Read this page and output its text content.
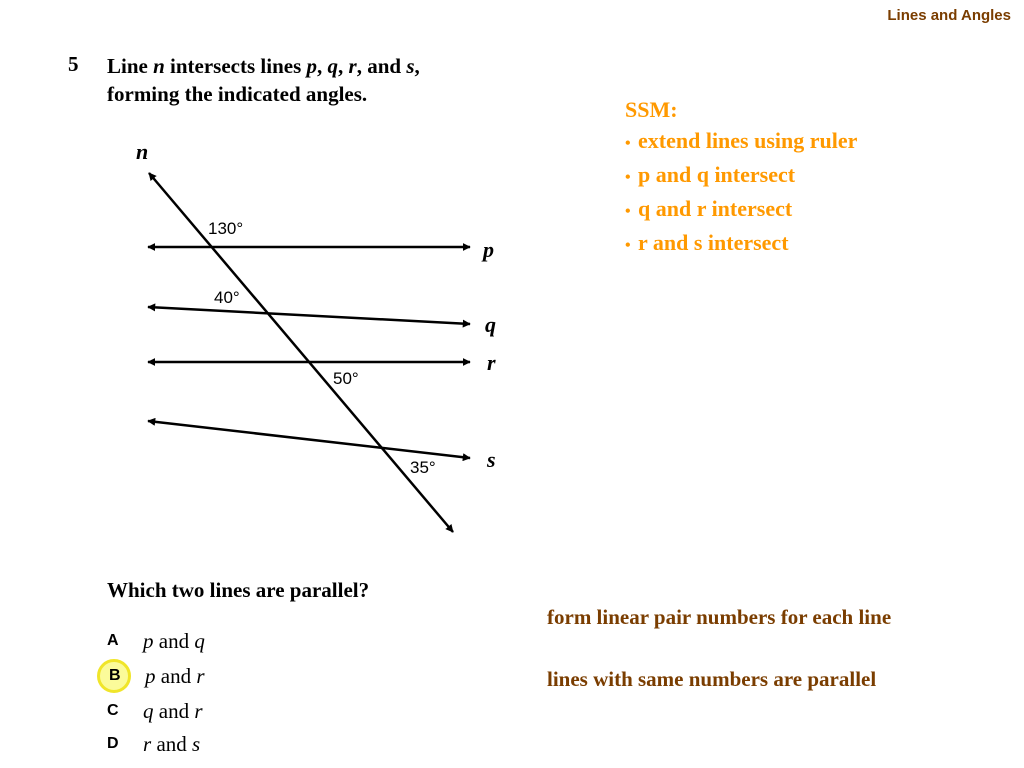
Lines and Angles
5 Line n intersects lines p, q, r, and s,
forming the indicated angles.
n
p
q
r
s
130°
40°
50°
35°
Which two lines are parallel?
A	p and q
B	p and r
C	q and r
D	r and s
SSM:
• extend lines using ruler
• p and q intersect
• q and r intersect
• r and s intersect
form linear pair numbers for each line
lines with same numbers are parallel
